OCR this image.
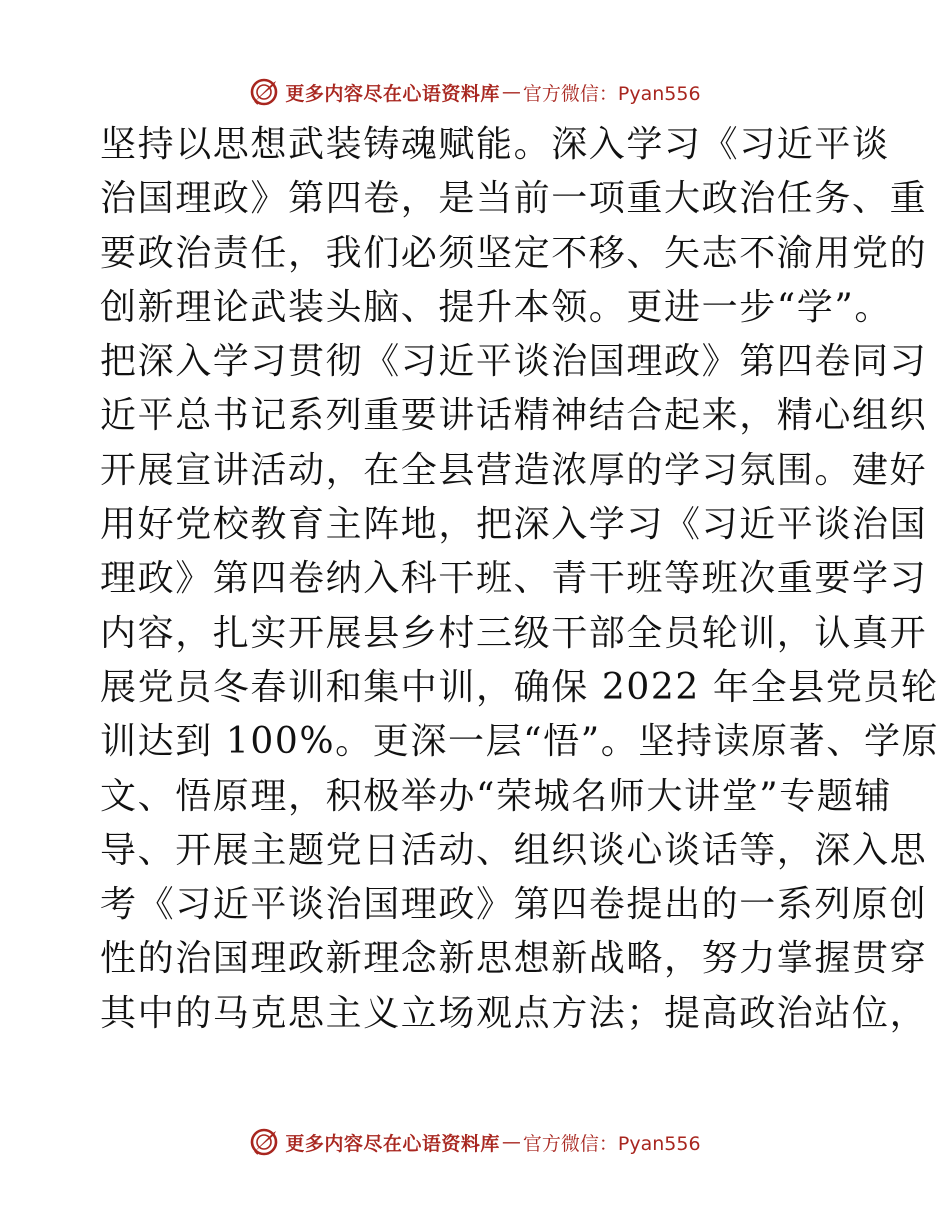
更多内容尽在心语资料库 — 官方微信：Pyan556
坚持以思想武装铸魂赋能。深入学习《习近平谈
治国理政》第四卷，是当前一项重大政治任务、重
要政治责任，我们必须坚定不移、矢志不渝用党的
创新理论武装头脑、提升本领。更进一步“学”。
把深入学习贯彻《习近平谈治国理政》第四卷同习
近平总书记系列重要讲话精神结合起来，精心组织
开展宣讲活动，在全县营造浓厚的学习氛围。建好
用好党校教育主阵地，把深入学习《习近平谈治国
理政》第四卷纳入科干班、青干班等班次重要学习
内容，扎实开展县乡村三级干部全员轮训，认真开
展党员冬春训和集中训，确保 2022 年全县党员轮
训达到 100%。更深一层“悟”。坚持读原著、学原
文、悟原理，积极举办“荣城名师大讲堂”专题辅
导、开展主题党日活动、组织谈心谈话等，深入思
考《习近平谈治国理政》第四卷提出的一系列原创
性的治国理政新理念新思想新战略，努力掌握贯穿
其中的马克思主义立场观点方法；提高政治站位，
更多内容尽在心语资料库 — 官方微信：Pyan556
